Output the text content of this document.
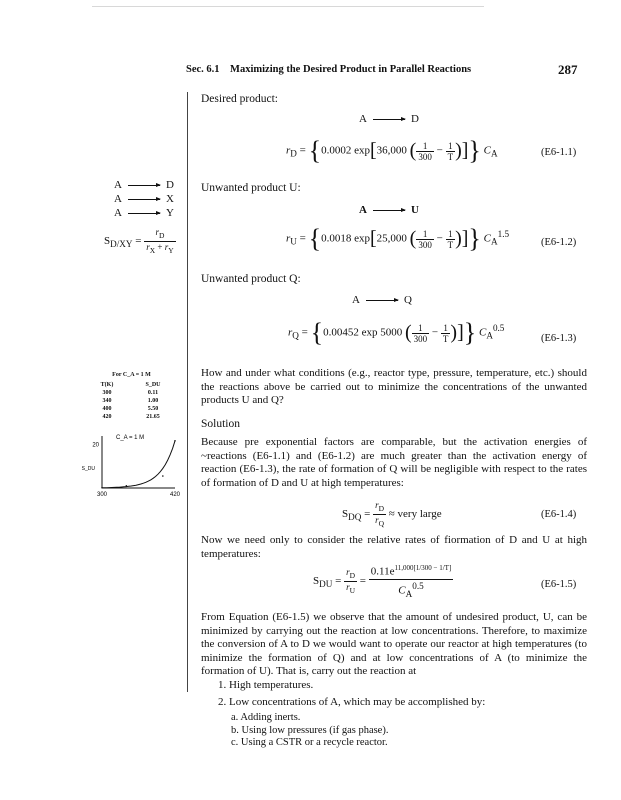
Sec. 6.1 Maximizing the Desired Product in Parallel Reactions	287
Desired product:
A	D
$r_D = \{0.0002$ exp[36,000 ( $\frac{1}{300} - \frac{1}{T}$ )]} $C_A$	(E6-1.1)
A	D
A	X
A	Y
$S_{D/XY} = \frac{r_D}{r_X + r_Y}$
Unwanted product U:
A	U
$r_U = \{0.0018$ exp[25,000 ( $\frac{1}{300} - \frac{1}{T}$ )]} $C_A^{1.5}$
(E6-1.2)
Unwanted product Q:
A	Q
$r_Q = \{0.00452$ exp 5000 ( $\frac{1}{300} - \frac{1}{T}$ )]} $C_A^{0.5}$
(E6-1.3)
How and under what conditions (e.g., reactor type, pressure, temperature, etc.) should the reactions above be carried out to minimize the concentrations of the unwanted products U and Q?
Solution
Because pre exponential factors are comparable, but the activation energies of ~reactions (E6-1.1) and (E6-1.2) are much greater than the activation energy of reaction (E6-1.3), the rate of formation of Q will be negligible with respect to the rates of formation of D and U at high temperatures:
$S_{DQ} = \frac{r_D}{r_Q}$ ≈ very large	(E6-1.4)
Now we need only to consider the relative rates of fiormation of D and U at high temperatures:
$S_{DU} = \frac{r_D}{r_U} = \frac{0.11e^{11,000[1/300 - 1/T]}}{C_A^{0.5}}$	(E6-1.5)
From Equation (E6-1.5) we observe that the amount of undesired product, U, can be minimized by carrying out the reaction at low concentrations. Therefore, to maximize the conversion of A to D we would want to operate our reactor at high temperatures (to minimize the formation of Q) and at low concentrations of A (to minimize the formation of U). That is, carry out the reaction at
1. High temperatures.
2. Low concentrations of A, which may be accomplished by:
a. Adding inerts.
b. Using low pressures (if gas phase).
c. Using a CSTR or a recycle reactor.
For C_A = 1 M
T(K)	S_DU
300	0.11
340	1.00
400	5.50
420	21.65
20
S_DU
C_A = 1 M
300	420
